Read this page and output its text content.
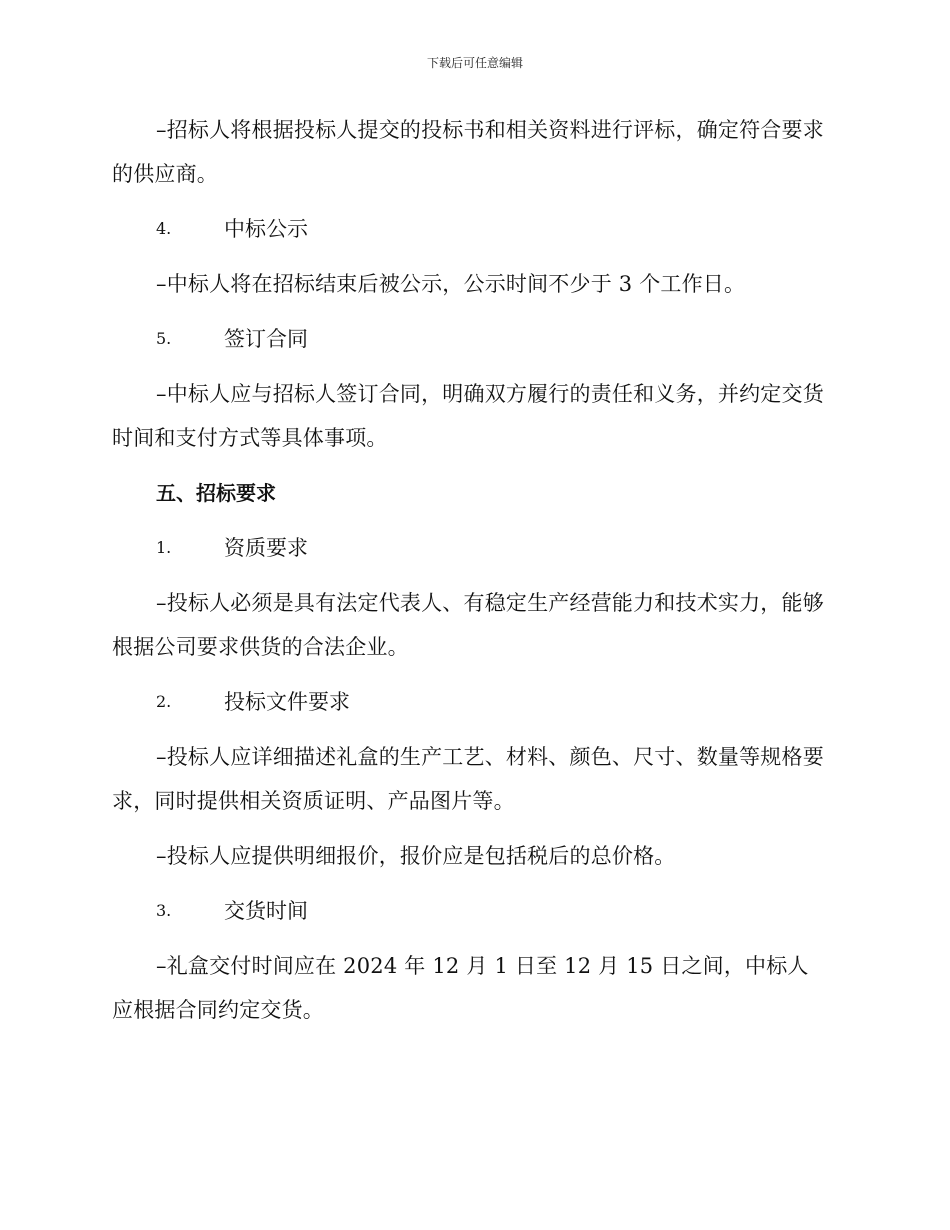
下载后可任意编辑

–招标人将根据投标人提交的投标书和相关资料进行评标，确定符合要求的供应商。

4.	中标公示

–中标人将在招标结束后被公示，公示时间不少于 3 个工作日。

5.	签订合同

–中标人应与招标人签订合同，明确双方履行的责任和义务，并约定交货时间和支付方式等具体事项。

五、招标要求
1.	资质要求

–投标人必须是具有法定代表人、有稳定生产经营能力和技术实力，能够根据公司要求供货的合法企业。

2.	投标文件要求

–投标人应详细描述礼盒的生产工艺、材料、颜色、尺寸、数量等规格要求，同时提供相关资质证明、产品图片等。

–投标人应提供明细报价，报价应是包括税后的总价格。

3.	交货时间

–礼盒交付时间应在 2024 年 12 月 1 日至 12 月 15 日之间，中标人应根据合同约定交货。
